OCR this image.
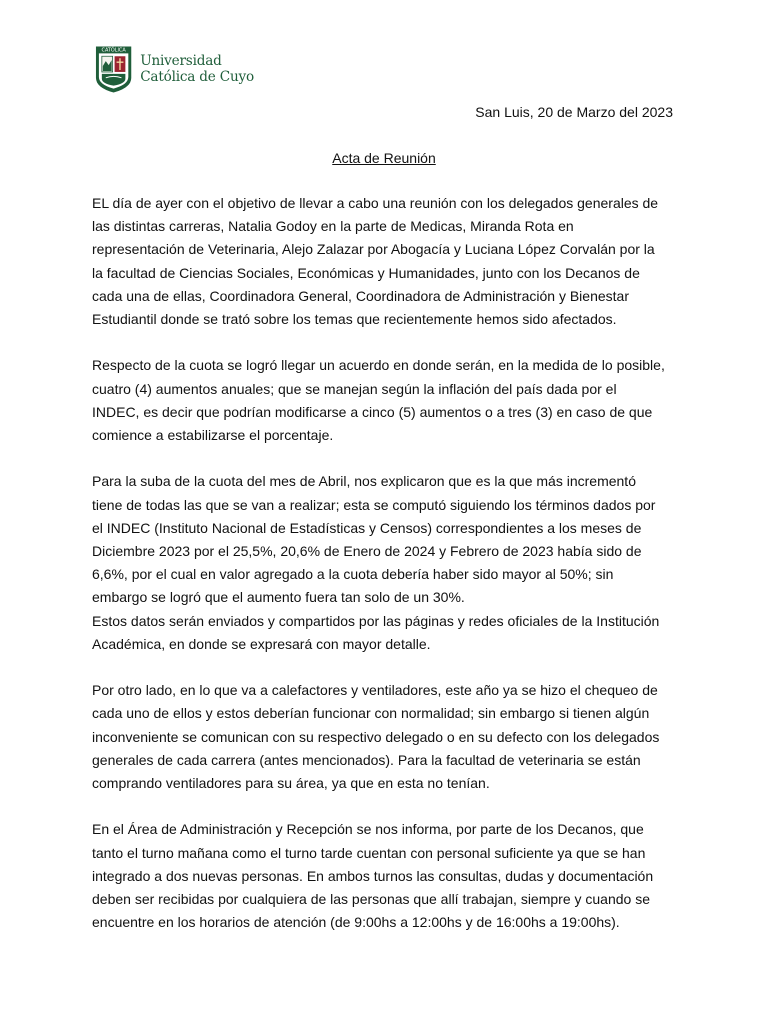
CATÓLICA
Universidad
Católica de Cuyo
San Luis, 20 de Marzo del 2023
Acta de Reunión

EL día de ayer con el objetivo de llevar a cabo una reunión con los delegados generales de
las distintas carreras, Natalia Godoy en la parte de Medicas, Miranda Rota en
representación de Veterinaria, Alejo Zalazar por Abogacía y Luciana López Corvalán por la
la facultad de Ciencias Sociales, Económicas y Humanidades, junto con los Decanos de
cada una de ellas, Coordinadora General, Coordinadora de Administración y Bienestar
Estudiantil donde se trató sobre los temas que recientemente hemos sido afectados.

Respecto de la cuota se logró llegar un acuerdo en donde serán, en la medida de lo posible,
cuatro (4) aumentos anuales; que se manejan según la inflación del país dada por el
INDEC, es decir que podrían modificarse a cinco (5) aumentos o a tres (3) en caso de que
comience a estabilizarse el porcentaje.

Para la suba de la cuota del mes de Abril, nos explicaron que es la que más incrementó
tiene de todas las que se van a realizar; esta se computó siguiendo los términos dados por
el INDEC (Instituto Nacional de Estadísticas y Censos) correspondientes a los meses de
Diciembre 2023 por el 25,5%, 20,6% de Enero de 2024 y Febrero de 2023 había sido de
6,6%, por el cual en valor agregado a la cuota debería haber sido mayor al 50%; sin
embargo se logró que el aumento fuera tan solo de un 30%.

Estos datos serán enviados y compartidos por las páginas y redes oficiales de la Institución
Académica, en donde se expresará con mayor detalle.

Por otro lado, en lo que va a calefactores y ventiladores, este año ya se hizo el chequeo de
cada uno de ellos y estos deberían funcionar con normalidad; sin embargo si tienen algún
inconveniente se comunican con su respectivo delegado o en su defecto con los delegados
generales de cada carrera (antes mencionados). Para la facultad de veterinaria se están
comprando ventiladores para su área, ya que en esta no tenían.

En el Área de Administración y Recepción se nos informa, por parte de los Decanos, que
tanto el turno mañana como el turno tarde cuentan con personal suficiente ya que se han
integrado a dos nuevas personas. En ambos turnos las consultas, dudas y documentación
deben ser recibidas por cualquiera de las personas que allí trabajan, siempre y cuando se
encuentre en los horarios de atención (de 9:00hs a 12:00hs y de 16:00hs a 19:00hs).
